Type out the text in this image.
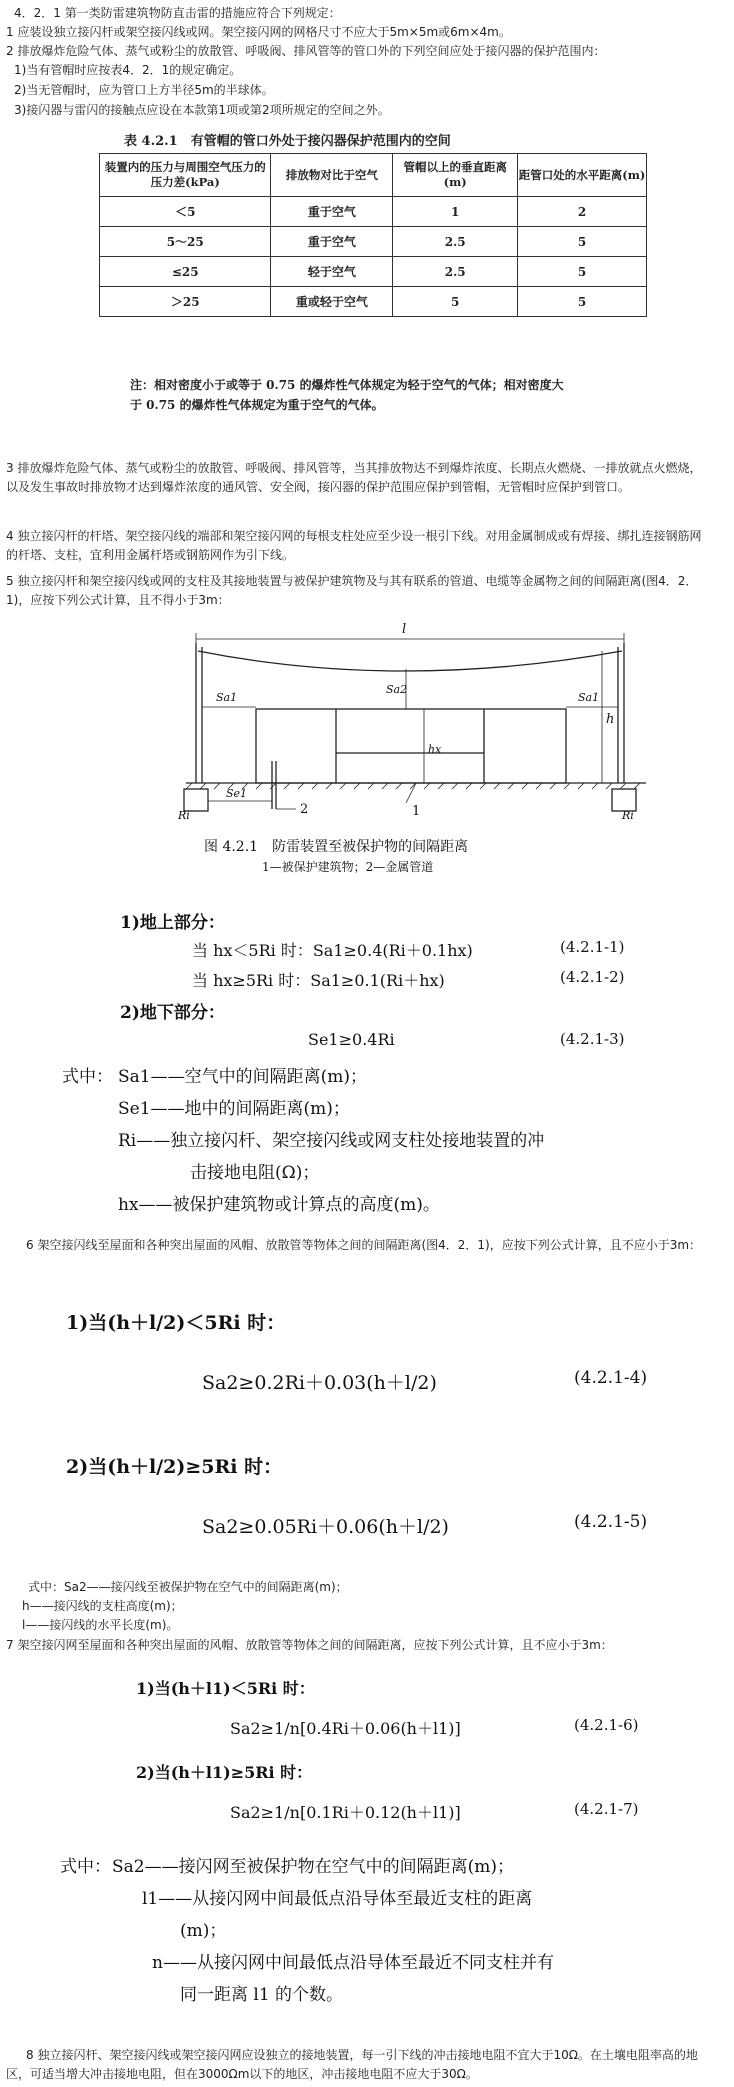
4．2．1 第一类防雷建筑物防直击雷的措施应符合下列规定：
1 应装设独立接闪杆或架空接闪线或网。架空接闪网的网格尺寸不应大于5m×5m或6m×4m。
2 排放爆炸危险气体、蒸气或粉尘的放散管、呼吸阀、排风管等的管口外的下列空间应处于接闪器的保护范围内：
1)当有管帽时应按表4．2．1的规定确定。
2)当无管帽时，应为管口上方半径5m的半球体。
3)接闪器与雷闪的接触点应设在本款第1项或第2项所规定的空间之外。
表 4.2.1　有管帽的管口外处于接闪器保护范围内的空间
装置内的压力与周围空气压力的压力差(kPa)	排放物对比于空气	管帽以上的垂直距离(m)	距管口处的水平距离(m)
＜5	重于空气	1	2
5～25	重于空气	2.5	5
≤25	轻于空气	2.5	5
＞25	重或轻于空气	5	5
注：相对密度小于或等于 0.75 的爆炸性气体规定为轻于空气的气体；相对密度大
于 0.75 的爆炸性气体规定为重于空气的气体。
3 排放爆炸危险气体、蒸气或粉尘的放散管、呼吸阀、排风管等，当其排放物达不到爆炸浓度、长期点火燃烧、一排放就点火燃烧，以及发生事故时排放物才达到爆炸浓度的通风管、安全阀，接闪器的保护范围应保护到管帽，无管帽时应保护到管口。
4 独立接闪杆的杆塔、架空接闪线的端部和架空接闪网的每根支柱处应至少设一根引下线。对用金属制成或有焊接、绑扎连接钢筋网的杆塔、支柱，宜利用金属杆塔或钢筋网作为引下线。
5 独立接闪杆和架空接闪线或网的支柱及其接地装置与被保护建筑物及与其有联系的管道、电缆等金属物之间的间隔距离(图4．2．1)，应按下列公式计算，且不得小于3m：
l
Sa1	Sa1
Sa2
hx
h
Se1
Ri	Ri
1
2
图 4.2.1　防雷装置至被保护物的间隔距离
1—被保护建筑物；2—金属管道
1)地上部分：
当 hx＜5Ri 时：Sa1≥0.4(Ri＋0.1hx)	(4.2.1-1)
当 hx≥5Ri 时：Sa1≥0.1(Ri＋hx)	(4.2.1-2)
2)地下部分：
Se1≥0.4Ri	(4.2.1-3)
式中： Sa1——空气中的间隔距离(m)；
Se1——地中的间隔距离(m)；
Ri——独立接闪杆、架空接闪线或网支柱处接地装置的冲
击接地电阻(Ω)；
hx——被保护建筑物或计算点的高度(m)。
6 架空接闪线至屋面和各种突出屋面的风帽、放散管等物体之间的间隔距离(图4．2．1)，应按下列公式计算，且不应小于3m：
1)当(h＋l/2)＜5Ri 时：
Sa2≥0.2Ri＋0.03(h＋l/2)	(4.2.1-4)
2)当(h＋l/2)≥5Ri 时：
Sa2≥0.05Ri＋0.06(h＋l/2)	(4.2.1-5)
式中：Sa2——接闪线至被保护物在空气中的间隔距离(m)；
h——接闪线的支柱高度(m)；
l——接闪线的水平长度(m)。
7 架空接闪网至屋面和各种突出屋面的风帽、放散管等物体之间的间隔距离，应按下列公式计算，且不应小于3m：
1)当(h＋l1)＜5Ri 时：
Sa2≥1/n[0.4Ri＋0.06(h＋l1)]	(4.2.1-6)
2)当(h＋l1)≥5Ri 时：
Sa2≥1/n[0.1Ri＋0.12(h＋l1)]	(4.2.1-7)
式中： Sa2——接闪网至被保护物在空气中的间隔距离(m)；
l1——从接闪网中间最低点沿导体至最近支柱的距离
(m)；
n——从接闪网中间最低点沿导体至最近不同支柱并有
同一距离 l1 的个数。
8 独立接闪杆、架空接闪线或架空接闪网应设独立的接地装置，每一引下线的冲击接地电阻不宜大于10Ω。在土壤电阻率高的地区，可适当增大冲击接地电阻，但在3000Ωm以下的地区，冲击接地电阻不应大于30Ω。
